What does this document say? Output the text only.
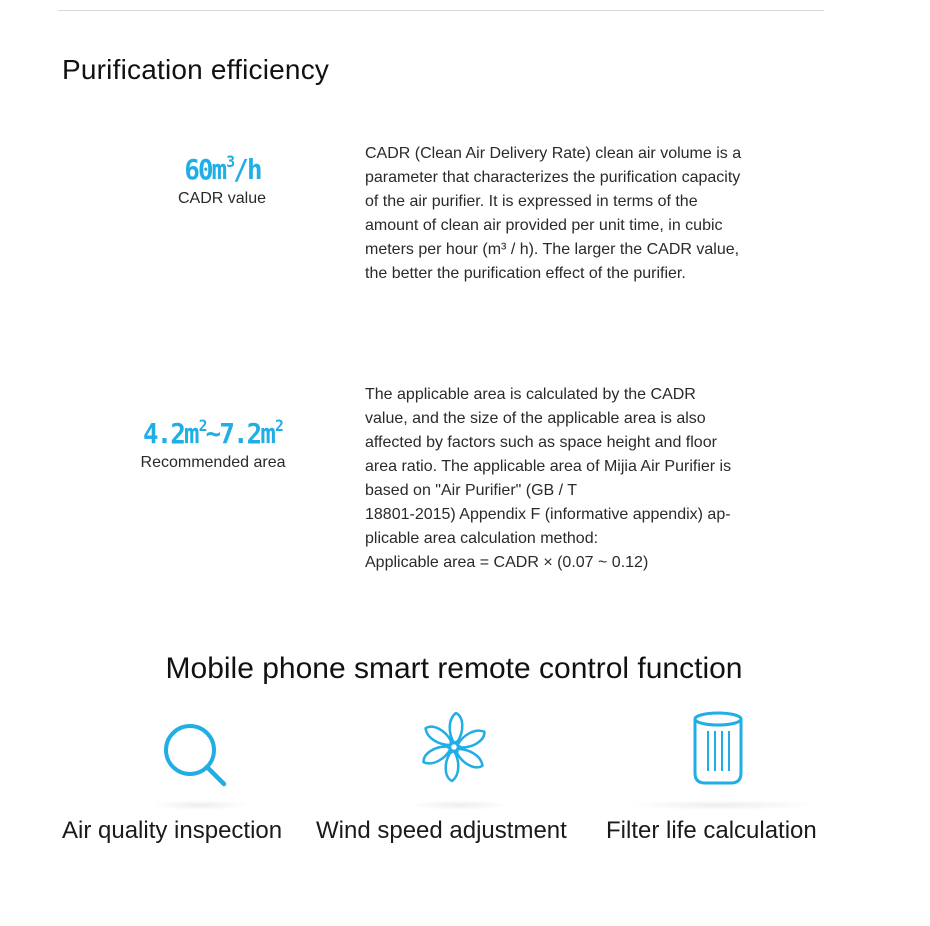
Purification efficiency
$60m^3/h$
CADR value

CADR (Clean Air Delivery Rate) clean air volume is a

parameter that characterizes the purification capacity

of the air purifier. It is expressed in terms of the

amount of clean air provided per unit time, in cubic

meters per hour (m³ / h). The larger the CADR value,

the better the purification effect of the purifier.

$4.2m^2\sim 7.2m^2$
Recommended area

The applicable area is calculated by the CADR

value, and the size of the applicable area is also

affected by factors such as space height and floor

area ratio. The applicable area of Mijia Air Purifier is

based on "Air Purifier" (GB / T

18801-2015) Appendix F (informative appendix) ap-

plicable area calculation method:

Applicable area = CADR × (0.07 ~ 0.12)

Mobile phone smart remote control function
Air quality inspection Wind speed adjustment Filter life calculation
